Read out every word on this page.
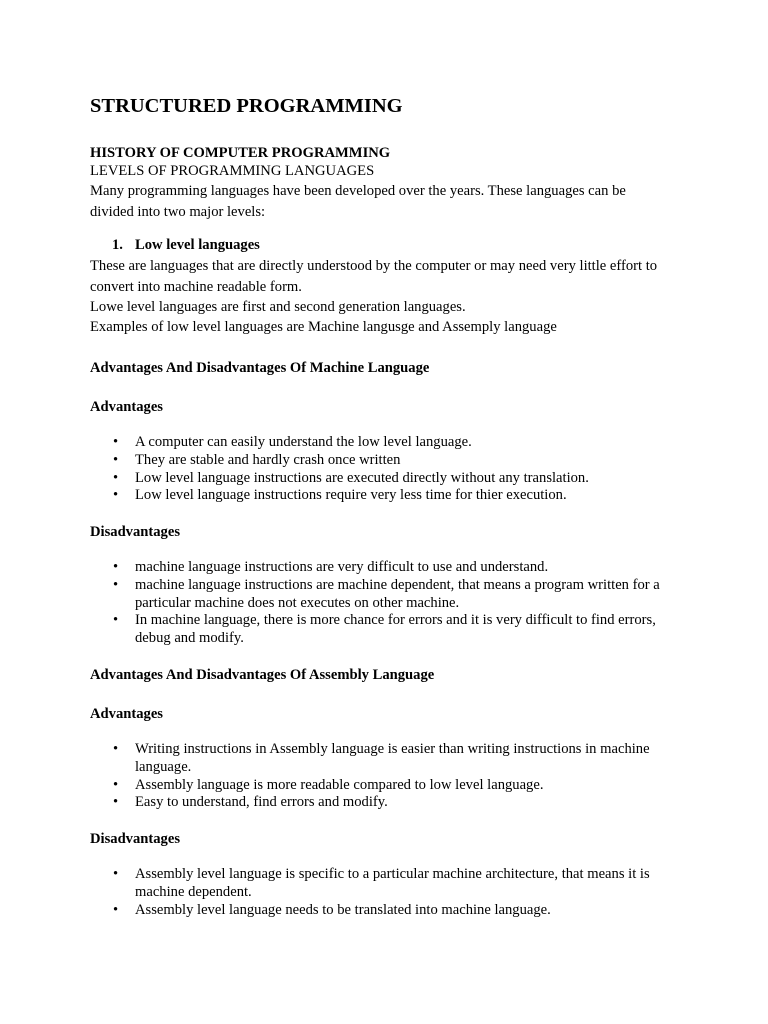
STRUCTURED PROGRAMMING
HISTORY OF COMPUTER PROGRAMMING
LEVELS OF PROGRAMMING LANGUAGES
Many programming languages have been developed over the years. These languages can be
divided into two major levels:
1. Low level languages
These are languages that are directly understood by the computer or may need very little effort to
convert into machine readable form.
Lowe level languages are first and second generation languages.
Examples of low level languages are Machine langusge and Assemply language
Advantages And Disadvantages Of Machine Language
Advantages
• A computer can easily understand the low level language.
• They are stable and hardly crash once written
• Low level language instructions are executed directly without any translation.
• Low level language instructions require very less time for thier execution.
Disadvantages
• machine language instructions are very difficult to use and understand.
• machine language instructions are machine dependent, that means a program written for a
particular machine does not executes on other machine.
• In machine language, there is more chance for errors and it is very difficult to find errors,
debug and modify.
Advantages And Disadvantages Of Assembly Language
Advantages
• Writing instructions in Assembly language is easier than writing instructions in machine
language.
• Assembly language is more readable compared to low level language.
• Easy to understand, find errors and modify.
Disadvantages
• Assembly level language is specific to a particular machine architecture, that means it is
machine dependent.
• Assembly level language needs to be translated into machine language.
